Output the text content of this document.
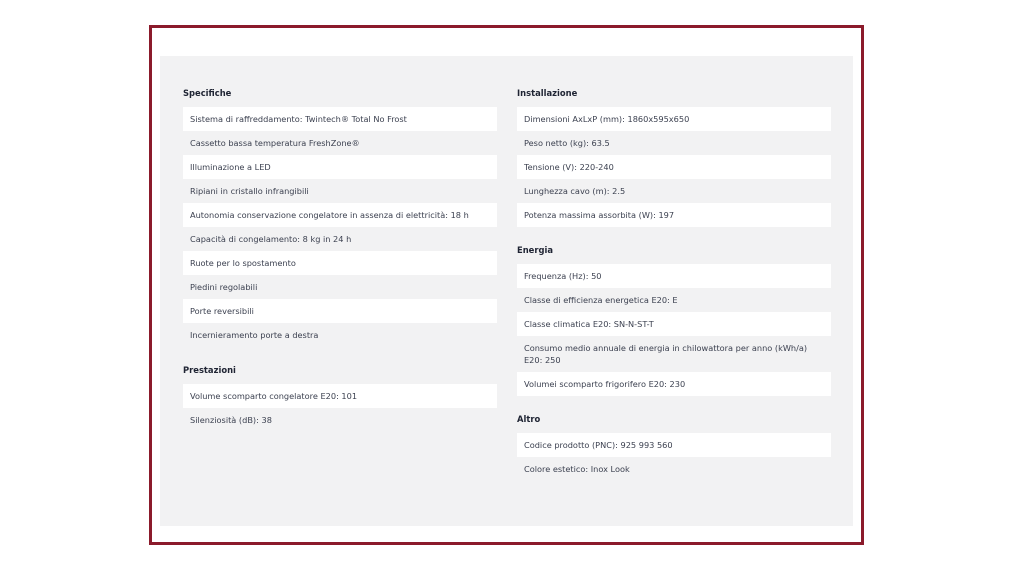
Specifiche
Sistema di raffreddamento: Twintech® Total No Frost
Cassetto bassa temperatura FreshZone®
Illuminazione a LED
Ripiani in cristallo infrangibili
Autonomia conservazione congelatore in assenza di elettricità: 18 h
Capacità di congelamento: 8 kg in 24 h
Ruote per lo spostamento
Piedini regolabili
Porte reversibili
Incernieramento porte a destra
Prestazioni
Volume scomparto congelatore E20: 101
Silenziosità (dB): 38
Installazione
Dimensioni AxLxP (mm): 1860x595x650
Peso netto (kg): 63.5
Tensione (V): 220-240
Lunghezza cavo (m): 2.5
Potenza massima assorbita (W): 197
Energia
Frequenza (Hz): 50
Classe di efficienza energetica E20: E
Classe climatica E20: SN-N-ST-T
Consumo medio annuale di energia in chilowattora per anno (kWh/a) E20: 250
Volumei scomparto frigorifero E20: 230
Altro
Codice prodotto (PNC): 925 993 560
Colore estetico: Inox Look
